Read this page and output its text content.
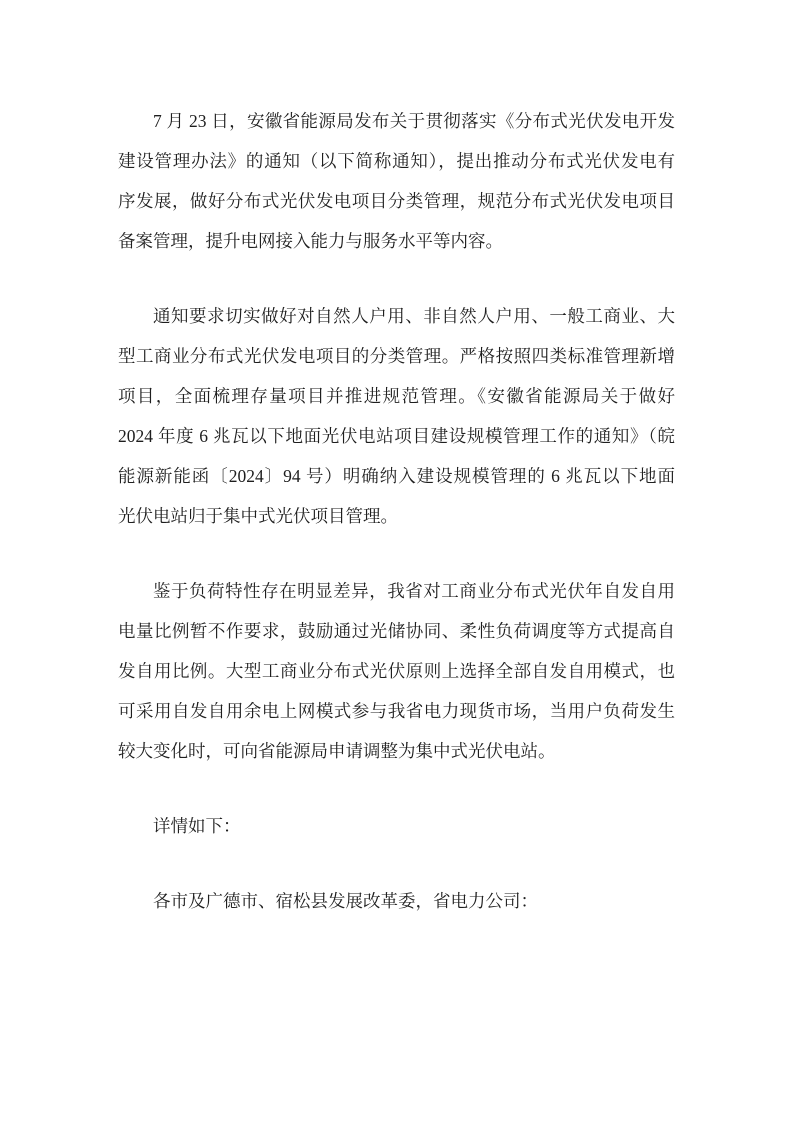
7 月 23 日，安徽省能源局发布关于贯彻落实《分布式光伏发电开发
建设管理办法》的通知（以下简称通知），提出推动分布式光伏发电有
序发展，做好分布式光伏发电项目分类管理，规范分布式光伏发电项目
备案管理，提升电网接入能力与服务水平等内容。
通知要求切实做好对自然人户用、非自然人户用、一般工商业、大
型工商业分布式光伏发电项目的分类管理。严格按照四类标准管理新增
项目，全面梳理存量项目并推进规范管理。《安徽省能源局关于做好
2024 年度 6 兆瓦以下地面光伏电站项目建设规模管理工作的通知》（皖
能源新能函〔2024〕94 号）明确纳入建设规模管理的 6 兆瓦以下地面
光伏电站归于集中式光伏项目管理。
鉴于负荷特性存在明显差异，我省对工商业分布式光伏年自发自用
电量比例暂不作要求，鼓励通过光储协同、柔性负荷调度等方式提高自
发自用比例。大型工商业分布式光伏原则上选择全部自发自用模式，也
可采用自发自用余电上网模式参与我省电力现货市场，当用户负荷发生
较大变化时，可向省能源局申请调整为集中式光伏电站。
详情如下：
各市及广德市、宿松县发展改革委，省电力公司：
